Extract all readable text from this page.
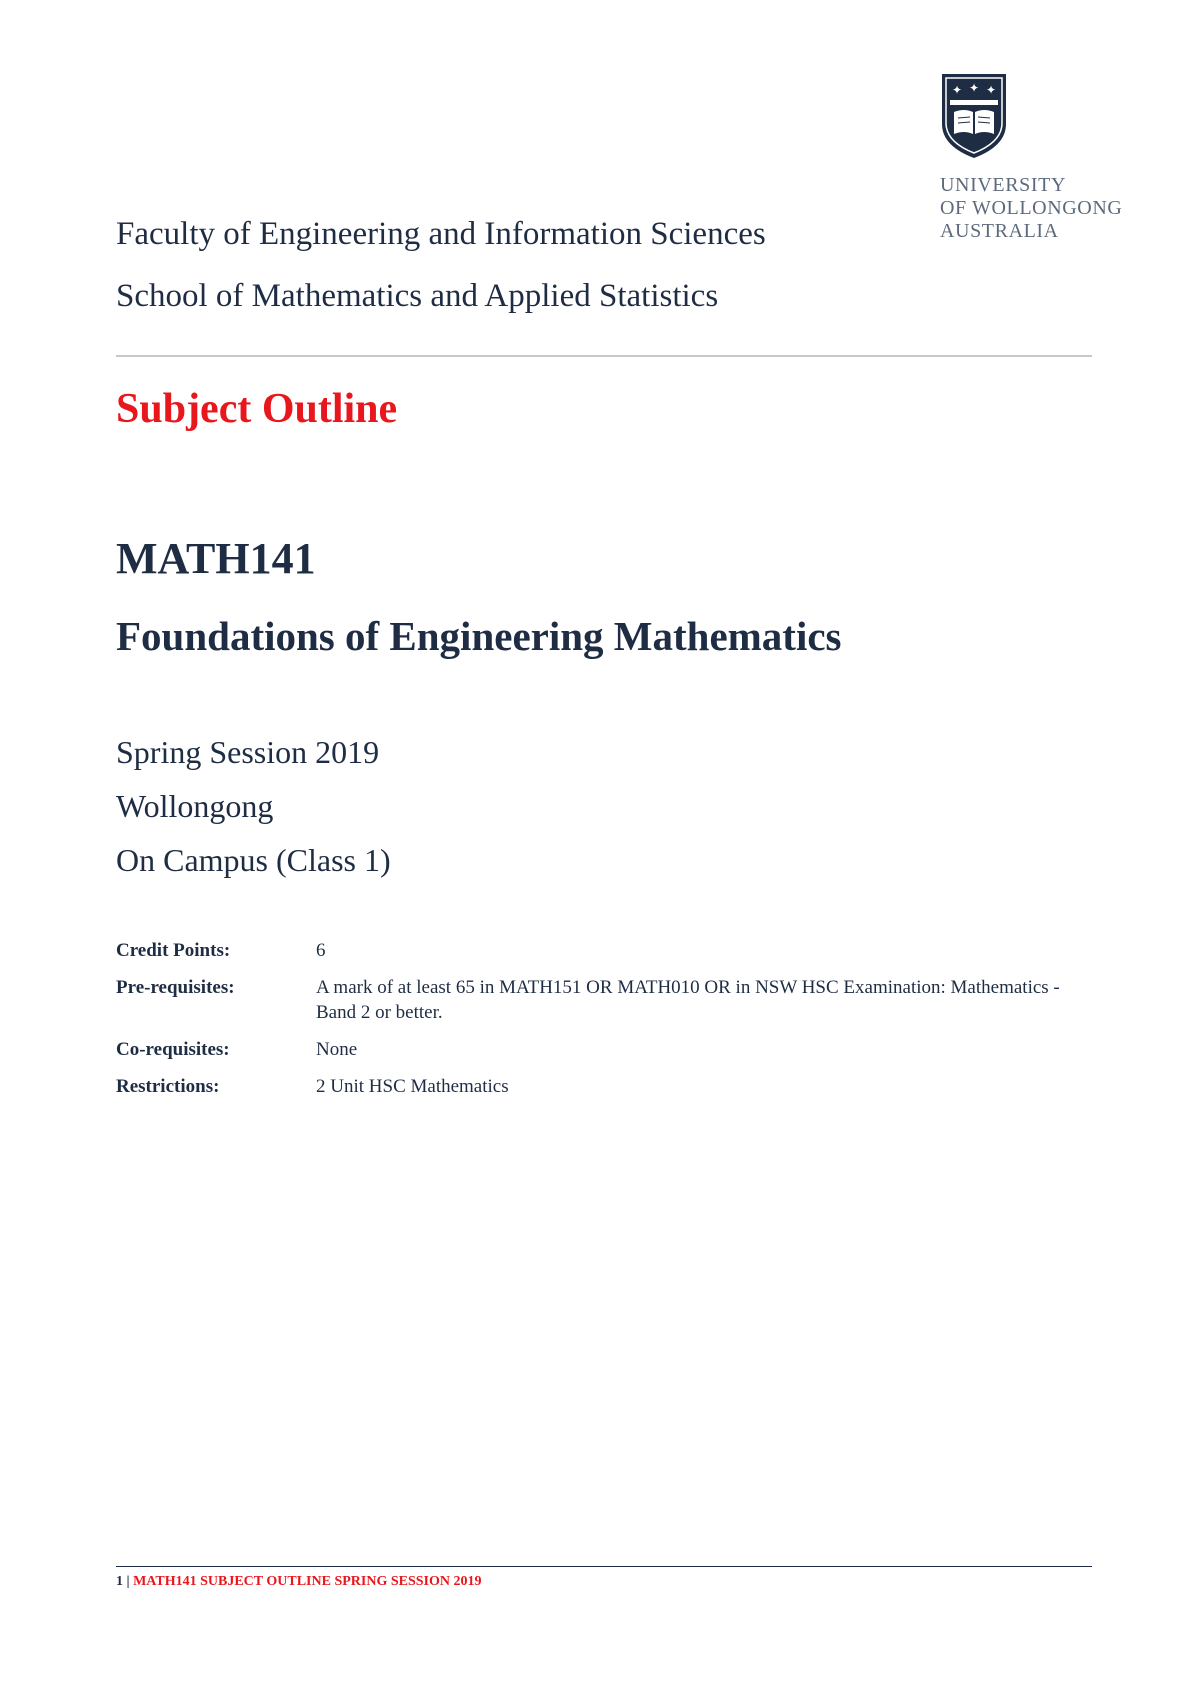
✦ ✦ ✦
UNIVERSITY
OF WOLLONGONG
AUSTRALIA
Faculty of Engineering and Information Sciences
School of Mathematics and Applied Statistics
Subject Outline
MATH141
Foundations of Engineering Mathematics
Spring Session 2019
Wollongong
On Campus (Class 1)
Credit Points:	6
Pre-requisites:	A mark of at least 65 in MATH151 OR MATH010 OR in NSW HSC Examination: Mathematics - Band 2 or better.
Co-requisites:	None
Restrictions:	2 Unit HSC Mathematics
1 | MATH141 SUBJECT OUTLINE SPRING SESSION 2019
